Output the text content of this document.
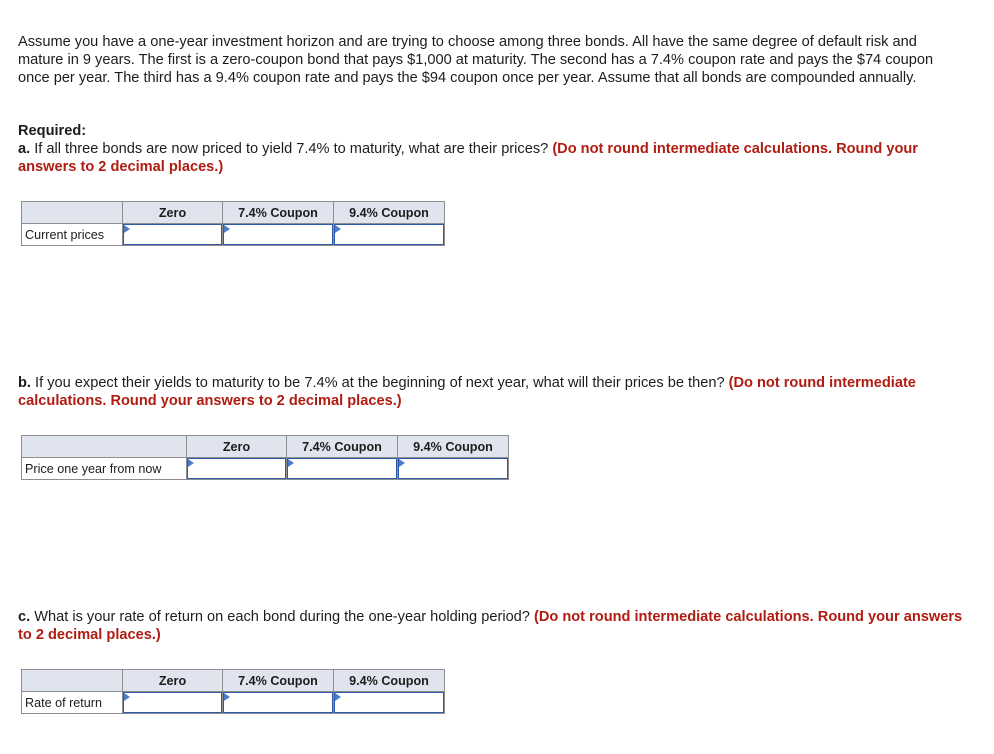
Assume you have a one-year investment horizon and are trying to choose among three bonds. All have the same degree of default risk and mature in 9 years. The first is a zero-coupon bond that pays $1,000 at maturity. The second has a 7.4% coupon rate and pays the $74 coupon once per year. The third has a 9.4% coupon rate and pays the $94 coupon once per year. Assume that all bonds are compounded annually.
Required:
a. If all three bonds are now priced to yield 7.4% to maturity, what are their prices? (Do not round intermediate calculations. Round your answers to 2 decimal places.)
	Zero	7.4% Coupon	9.4% Coupon
Current prices	

b. If you expect their yields to maturity to be 7.4% at the beginning of next year, what will their prices be then? (Do not round intermediate calculations. Round your answers to 2 decimal places.)
	Zero	7.4% Coupon	9.4% Coupon
Price one year from now	

c. What is your rate of return on each bond during the one-year holding period? (Do not round intermediate calculations. Round your answers to 2 decimal places.)
	Zero	7.4% Coupon	9.4% Coupon
Rate of return	
